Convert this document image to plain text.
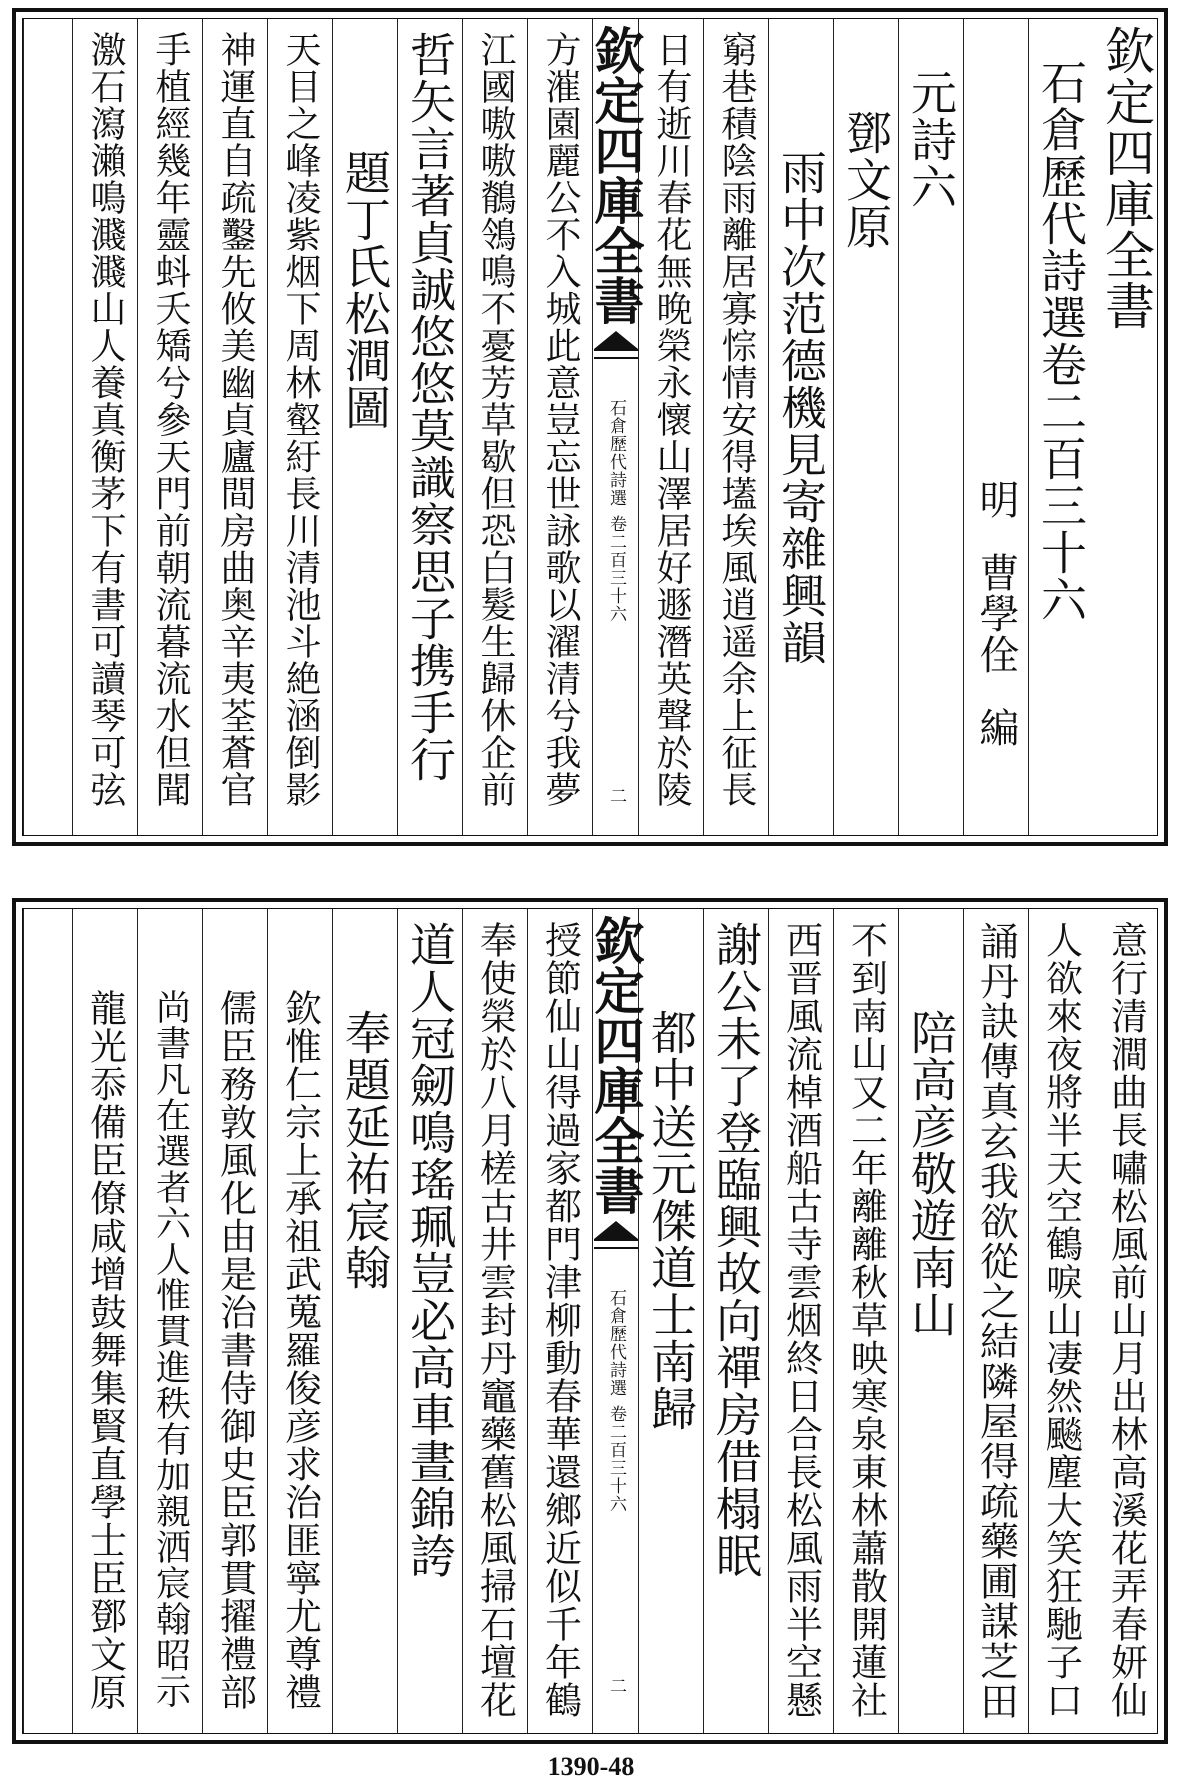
欽定四庫全書
石倉歷代詩選卷二百三十六
明
曹學佺
編
元詩六
鄧文原
雨中次范德機見寄雜興韻
窮巷積陰雨離居寡悰情安得壒埃風逍遥余上征長
日有逝川春花無晚榮永懷山澤居好遯潛英聲於陵
欽定四庫全書
石倉歷代詩選
卷二百三十六
二
方漼園麗公不入城此意豈忘世詠歌以濯清兮我夢
江國嗷嗷鶺鴒鳴不憂芳草歇但恐白髮生歸休企前
哲矢言著貞誠悠悠莫識察思子携手行
題丁氏松澗圖
天目之峰凌紫烟下周林壑紆長川清池斗絶涵倒影
神運直自疏鑿先攸美幽貞廬間房曲奥辛夷荃蒼官
手植經幾年靈蚪夭矯兮參天門前朝流暮流水但聞
激石瀉瀨鳴濺濺山人養真衡茅下有書可讀琴可弦
意行清澗曲長嘯松風前山月出林高溪花弄春妍仙
人欲來夜將半天空鶴唳山凄然飈塵大笑狂馳子口
誦丹訣傳真玄我欲從之結隣屋得疏藥圃謀芝田
陪高彦敬遊南山
不到南山又二年離離秋草映寒泉東林蕭散開蓮社
西晋風流棹酒船古寺雲烟終日合長松風雨半空懸
謝公未了登臨興故向禪房借榻眠
都中送元傑道士南歸
欽定四庫全書
石倉歷代詩選
卷二百三十六
二
授節仙山得過家都門津柳動春華還鄉近似千年鶴
奉使榮於八月槎古井雲封丹竈藥舊松風掃石壇花
道人冠劒鳴瑤珮豈必高車晝錦誇
奉題延祐宸翰
欽惟仁宗上承祖武蒐羅俊彦求治匪寧尤尊禮
儒臣務敦風化由是治書侍御史臣郭貫擢禮部
尚書凡在選者六人惟貫進秩有加親洒宸翰昭示
龍光忝備臣僚咸增鼓舞集賢直學士臣鄧文原
1390-48
